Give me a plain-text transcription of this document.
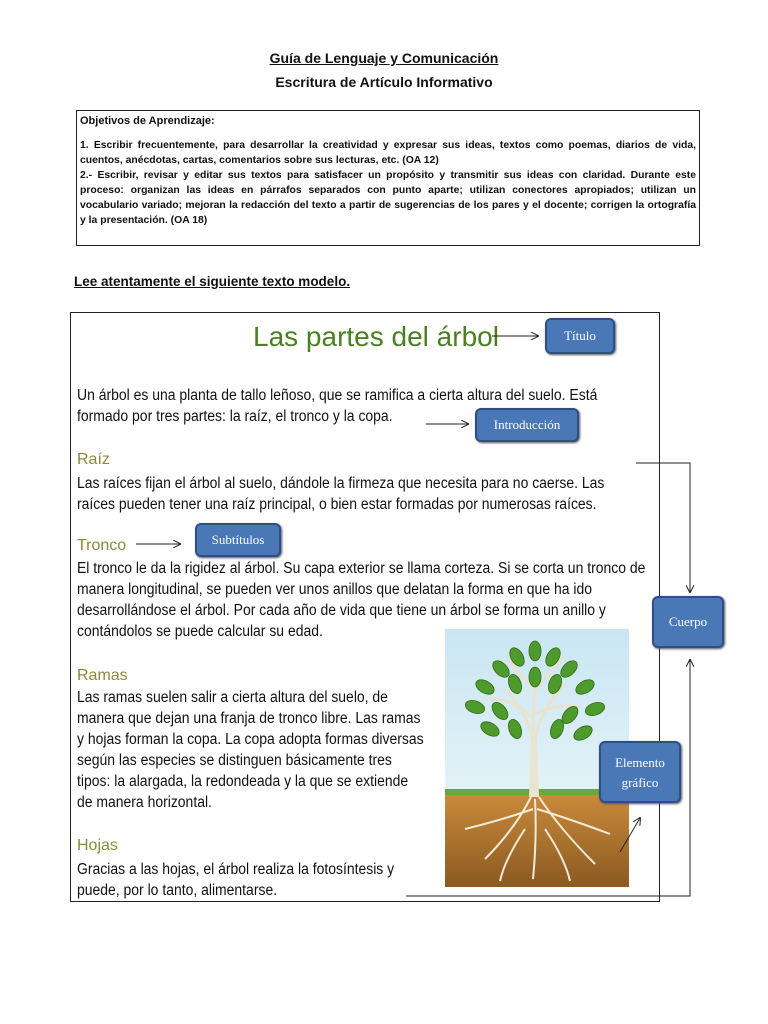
Guía de Lenguaje y Comunicación
Escritura de Artículo Informativo
Objetivos de Aprendizaje:

1. Escribir frecuentemente, para desarrollar la creatividad y expresar sus ideas, textos como poemas, diarios de vida, cuentos, anécdotas, cartas, comentarios sobre sus lecturas, etc. (OA 12)

2.- Escribir, revisar y editar sus textos para satisfacer un propósito y transmitir sus ideas con claridad. Durante este proceso: organizan las ideas en párrafos separados con punto aparte; utilizan conectores apropiados; utilizan un vocabulario variado; mejoran la redacción del texto a partir de sugerencias de los pares y el docente; corrigen la ortografía y la presentación. (OA 18)

Lee atentamente el siguiente texto modelo.
Las partes del árbol
Un árbol es una planta de tallo leñoso, que se ramifica a cierta altura del suelo. Está formado por tres partes: la raíz, el tronco y la copa.
Raíz
Las raíces fijan el árbol al suelo, dándole la firmeza que necesita para no caerse. Las raíces pueden tener una raíz principal, o bien estar formadas por numerosas raíces.
Tronco
El tronco le da la rigidez al árbol. Su capa exterior se llama corteza. Si se corta un tronco de manera longitudinal, se pueden ver unos anillos que delatan la forma en que ha ido desarrollándose el árbol. Por cada año de vida que tiene un árbol se forma un anillo y contándolos se puede calcular su edad.
Ramas
Las ramas suelen salir a cierta altura del suelo, de manera que dejan una franja de tronco libre. Las ramas y hojas forman la copa. La copa adopta formas diversas según las especies se distinguen básicamente tres tipos: la alargada, la redondeada y la que se extiende de manera horizontal.
Hojas
Gracias a las hojas, el árbol realiza la fotosíntesis y puede, por lo tanto, alimentarse.
Título
Introducción
Subtítulos
Elemento gráfico
Cuerpo
